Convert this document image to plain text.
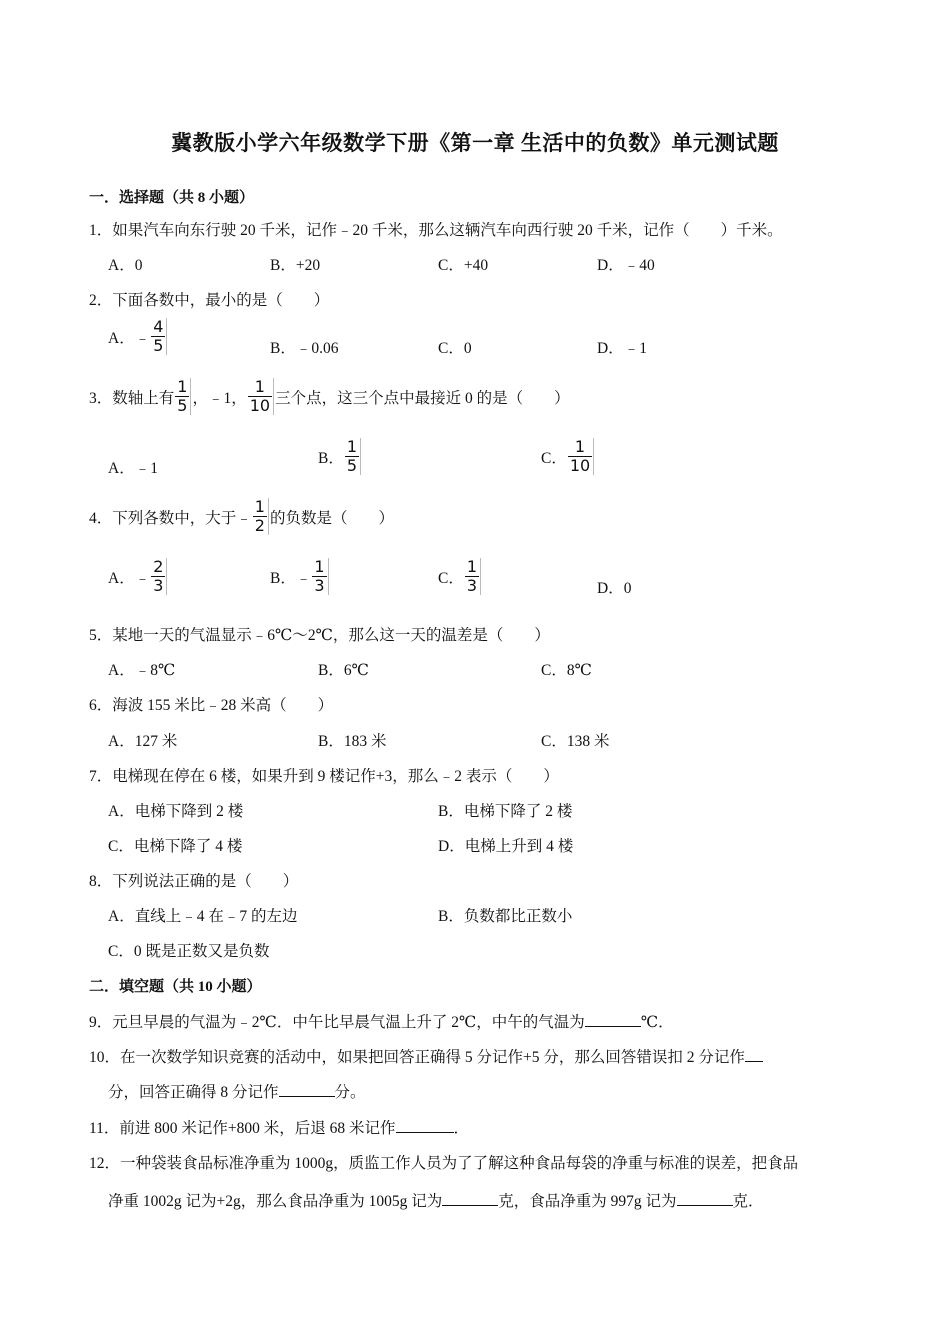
冀教版小学六年级数学下册《第一章 生活中的负数》单元测试题
一．选择题（共 8 小题）
1．如果汽车向东行驶 20 千米，记作﹣20 千米，那么这辆汽车向西行驶 20 千米，记作（　　）千米。
A．0	B．+20	C．+40	D．﹣40
2．下面各数中，最小的是（　　）
A．﹣ $\frac{4}{5}$	B．﹣0.06	C．0	D．﹣1
3．数轴上有 $\frac{1}{5}$ ，﹣1， $\frac{1}{10}$ 三个点，这三个点中最接近 0 的是（　　）
A．﹣1
B． $\frac{1}{5}$	C． $\frac{1}{10}$
4．下列各数中，大于﹣ $\frac{1}{2}$ 的负数是（　　）
A．﹣ $\frac{2}{3}$	B．﹣ $\frac{1}{3}$	C． $\frac{1}{3}$	D．0
5．某地一天的气温显示﹣6℃～2℃，那么这一天的温差是（　　）
A．﹣8℃	B．6℃	C．8℃
6．海波 155 米比﹣28 米高（　　）
A．127 米	B．183 米	C．138 米
7．电梯现在停在 6 楼，如果升到 9 楼记作+3，那么﹣2 表示（　　）
A．电梯下降到 2 楼	B．电梯下降了 2 楼
C．电梯下降了 4 楼	D．电梯上升到 4 楼
8．下列说法正确的是（　　）
A．直线上﹣4 在﹣7 的左边	B．负数都比正数小
C．0 既是正数又是负数
二．填空题（共 10 小题）
9．元旦早晨的气温为﹣2℃．中午比早晨气温上升了 2℃，中午的气温为	℃．
10．在一次数学知识竞赛的活动中，如果把回答正确得 5 分记作+5 分，那么回答错误扣 2 分记作
分，回答正确得 8 分记作	分。
11．前进 800 米记作+800 米，后退 68 米记作	．
12．一种袋装食品标准净重为 1000g，质监工作人员为了了解这种食品每袋的净重与标准的误差，把食品
净重 1002g 记为+2g，那么食品净重为 1005g 记为	克，食品净重为 997g 记为	克．
